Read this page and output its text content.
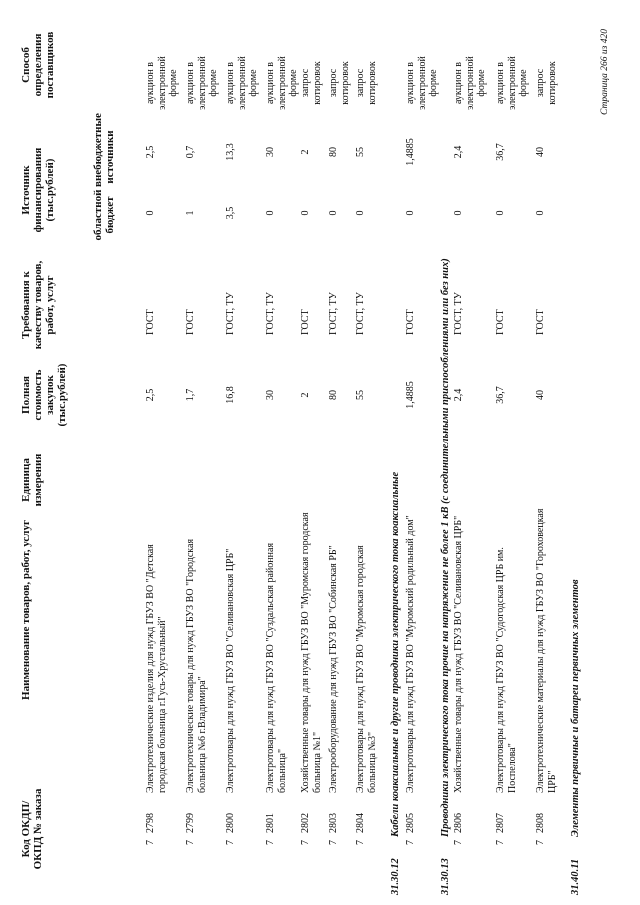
Код ОКДП/ ОКПД № заказа
Наименование товаров, работ, услуг
Единица измерения
Полная стоимость закупок (тыс.рублей)
Требования к качеству товаров, работ, услуг
Источник финансирования (тыс.рублей)	областной бюджет
внебюджетные источники
Способ определения поставщиков
7
2798
Электротехнические изделия для нужд ГБУЗ ВО "Детская городская больница г.Гусь-Хрустальный"
2,5
ГОСТ
0
2,5
аукцион в электронной форме
7
2799
Электротехнические товары для нужд ГБУЗ ВО "Городская больница №6 г.Владимира"
1,7
ГОСТ
1
0,7
аукцион в электронной форме
7
2800
Электротовары для нужд ГБУЗ ВО "Селивановская ЦРБ"
16,8
ГОСТ, ТУ
3,5
13,3
аукцион в электронной форме
7
2801
Электротовары для нужд ГБУЗ ВО "Суздальская районная больница"
30
ГОСТ, ТУ
0
30
аукцион в электронной форме
7
2802
Хозяйственные товары для нужд ГБУЗ ВО "Муромская городская больница №1"
2
ГОСТ
0
2
запрос котировок
7
2803
Электрооборудование для нужд ГБУЗ ВО "Собинская РБ"
80
ГОСТ, ТУ
0
80
запрос котировок
7
2804
Электротовары для нужд ГБУЗ ВО "Муромская городская больница №3"
55
ГОСТ, ТУ
0
55
запрос котировок
31.30.12
Кабели коаксиальные и другие проводники электрического тока коаксиальные
7
2805
Электротовары для нужд ГБУЗ ВО "Муромский родильный дом"
1,4885
ГОСТ
0
1,4885
аукцион в электронной форме
31.30.13
Проводники электрического тока прочие на напряжение не более 1 кВ (с соединительными приспособлениями или без них)
7
2806
Хозяйственные товары для нужд ГБУЗ ВО "Селивановская ЦРБ"
2,4
ГОСТ, ТУ
0
2,4
аукцион в электронной форме
7
2807
Электротовары для нужд ГБУЗ ВО "Судогодская ЦРБ им. Поспелова"
36,7
ГОСТ
0
36,7
аукцион в электронной форме
7
2808
Электротехнические материалы для нужд ГБУЗ ВО "Гороховецкая ЦРБ"
40
ГОСТ
0
40
запрос котировок
31.40.11
Элементы первичные и батареи первичных элементов
Страница 266 из 420
